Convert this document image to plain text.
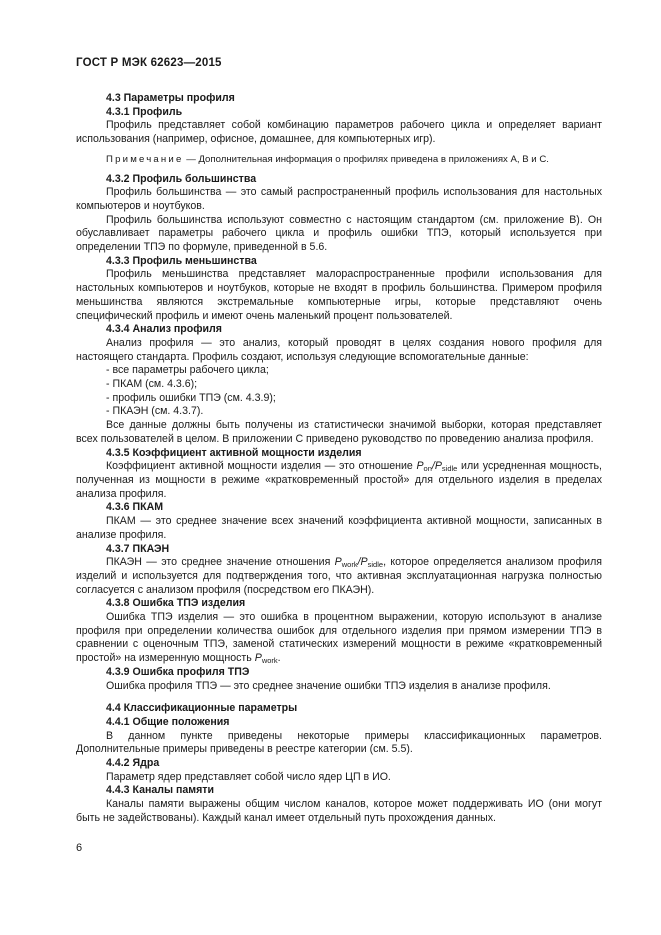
ГОСТ Р МЭК 62623—2015

4.3 Параметры профиля

4.3.1 Профиль

Профиль представляет собой комбинацию параметров рабочего цикла и определяет вариант использования (например, офисное, домашнее, для компьютерных игр).

Примечание — Дополнительная информация о профилях приведена в приложениях А, В и С.

4.3.2 Профиль большинства

Профиль большинства — это самый распространенный профиль использования для настольных компьютеров и ноутбуков.

Профиль большинства используют совместно с настоящим стандартом (см. приложение В). Он обуславливает параметры рабочего цикла и профиль ошибки ТПЭ, который используется при определении ТПЭ по формуле, приведенной в 5.6.

4.3.3 Профиль меньшинства

Профиль меньшинства представляет малораспространенные профили использования для настольных компьютеров и ноутбуков, которые не входят в профиль большинства. Примером профиля меньшинства являются экстремальные компьютерные игры, которые представляют очень специфический профиль и имеют очень маленький процент пользователей.

4.3.4 Анализ профиля

Анализ профиля — это анализ, который проводят в целях создания нового профиля для настоящего стандарта. Профиль создают, используя следующие вспомогательные данные:

- все параметры рабочего цикла;

- ПКАМ (см. 4.3.6);

- профиль ошибки ТПЭ (см. 4.3.9);

- ПКАЭН (см. 4.3.7).

Все данные должны быть получены из статистически значимой выборки, которая представляет всех пользователей в целом. В приложении С приведено руководство по проведению анализа профиля.

4.3.5 Коэффициент активной мощности изделия

Коэффициент активной мощности изделия — это отношение $P_{on}/P_{sidle}$ или усредненная мощность, полученная из мощности в режиме «кратковременный простой» для отдельного изделия в пределах анализа профиля.

4.3.6 ПКАМ

ПКАМ — это среднее значение всех значений коэффициента активной мощности, записанных в анализе профиля.

4.3.7 ПКАЭН

ПКАЭН — это среднее значение отношения $P_{work}/P_{sidle}$, которое определяется анализом профиля изделий и используется для подтверждения того, что активная эксплуатационная нагрузка полностью согласуется с анализом профиля (посредством его ПКАЭН).

4.3.8 Ошибка ТПЭ изделия

Ошибка ТПЭ изделия — это ошибка в процентном выражении, которую используют в анализе профиля при определении количества ошибок для отдельного изделия при прямом измерении ТПЭ в сравнении с оценочным ТПЭ, заменой статических измерений мощности в режиме «кратковременный простой» на измеренную мощность $P_{work}$.

4.3.9 Ошибка профиля ТПЭ

Ошибка профиля ТПЭ — это среднее значение ошибки ТПЭ изделия в анализе профиля.

4.4 Классификационные параметры

4.4.1 Общие положения

В данном пункте приведены некоторые примеры классификационных параметров. Дополнительные примеры приведены в реестре категории (см. 5.5).

4.4.2 Ядра

Параметр ядер представляет собой число ядер ЦП в ИО.

4.4.3 Каналы памяти

Каналы памяти выражены общим числом каналов, которое может поддерживать ИО (они могут быть не задействованы). Каждый канал имеет отдельный путь прохождения данных.

6
